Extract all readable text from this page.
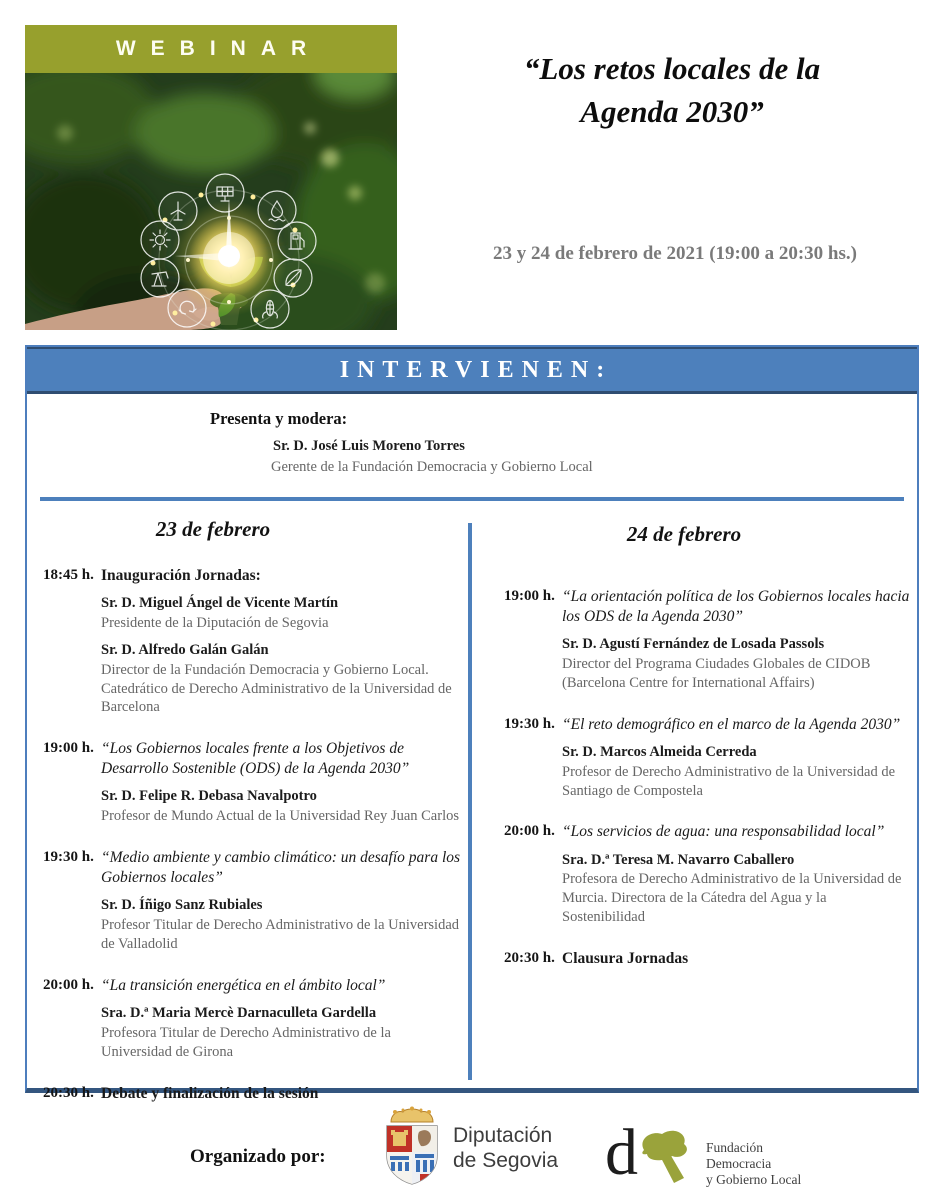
WEBINAR
“Los retos locales de la Agenda 2030”
23 y 24 de febrero de 2021 (19:00 a 20:30 hs.)
INTERVIENEN:
Presenta y modera:
Sr. D. José Luis Moreno Torres
Gerente de la Fundación Democracia y Gobierno Local
23 de febrero
18:45 h. Inauguración Jornadas:
Sr. D. Miguel Ángel de Vicente Martín
Presidente de la Diputación de Segovia
Sr. D. Alfredo Galán Galán
Director de la Fundación Democracia y Gobierno Local. Catedrático de Derecho Administrativo de la Universidad de Barcelona
19:00 h. “Los Gobiernos locales frente a los Objetivos de Desarrollo Sostenible (ODS) de la Agenda 2030”
Sr. D. Felipe R. Debasa Navalpotro
Profesor de Mundo Actual de la Universidad Rey Juan Carlos
19:30 h. “Medio ambiente y cambio climático: un desafío para los Gobiernos locales”
Sr. D. Íñigo Sanz Rubiales
Profesor Titular de Derecho Administrativo de la Universidad de Valladolid
20:00 h. “La transición energética en el ámbito local”
Sra. D.ª Maria Mercè Darnaculleta Gardella
Profesora Titular de Derecho Administrativo de la Universidad de Girona
20:30 h. Debate y finalización de la sesión
24 de febrero
19:00 h. “La orientación política de los Gobiernos locales hacia los ODS de la Agenda 2030”
Sr. D. Agustí Fernández de Losada Passols
Director del Programa Ciudades Globales de CIDOB (Barcelona Centre for International Affairs)
19:30 h. “El reto demográfico en el marco de la Agenda 2030”
Sr. D. Marcos Almeida Cerreda
Profesor de Derecho Administrativo de la Universidad de Santiago de Compostela
20:00 h. “Los servicios de agua: una responsabilidad local”
Sra. D.ª Teresa M. Navarro Caballero
Profesora de Derecho Administrativo de la Universidad de Murcia. Directora de la Cátedra del Agua y la Sostenibilidad
20:30 h. Clausura Jornadas
Organizado por:
Diputación
de Segovia d	Fundación
Democracia
y Gobierno Local
